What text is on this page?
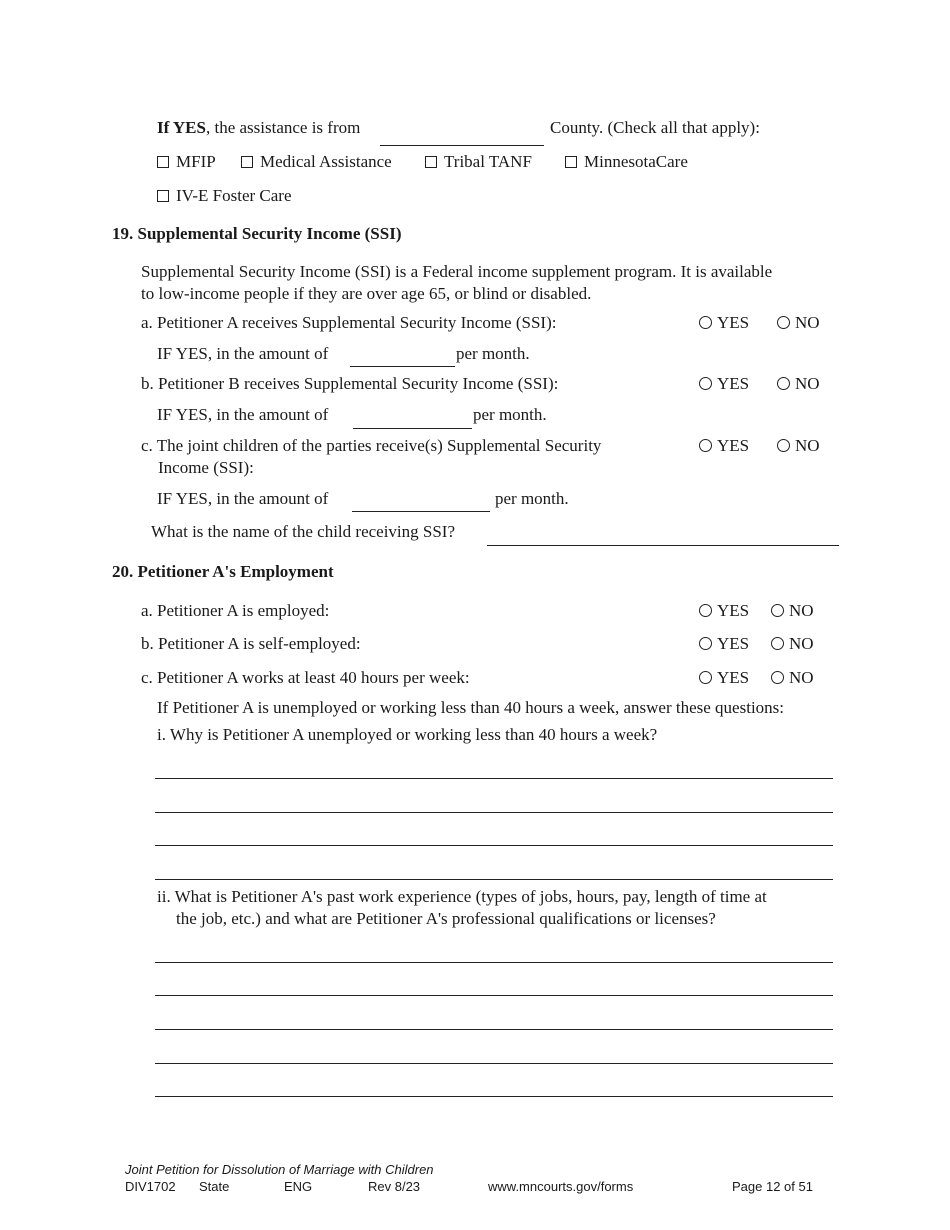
If YES, the assistance is from	County. (Check all that apply):
MFIP	Medical Assistance	Tribal TANF	MinnesotaCare
IV-E Foster Care
19. Supplemental Security Income (SSI)
Supplemental Security Income (SSI) is a Federal income supplement program. It is available
to low-income people if they are over age 65, or blind or disabled.
a. Petitioner A receives Supplemental Security Income (SSI):	YES	NO
IF YES, in the amount of	per month.
b. Petitioner B receives Supplemental Security Income (SSI):	YES	NO
IF YES, in the amount of	per month.
c. The joint children of the parties receive(s) Supplemental Security
Income (SSI):
YES	NO
IF YES, in the amount of	per month.
What is the name of the child receiving SSI?
20. Petitioner A's Employment
a. Petitioner A is employed:	YES	NO
b. Petitioner A is self-employed:	YES	NO
c. Petitioner A works at least 40 hours per week:	YES	NO
If Petitioner A is unemployed or working less than 40 hours a week, answer these questions:
i. Why is Petitioner A unemployed or working less than 40 hours a week?
ii. What is Petitioner A's past work experience (types of jobs, hours, pay, length of time at
the job, etc.) and what are Petitioner A's professional qualifications or licenses?
Joint Petition for Dissolution of Marriage with Children
DIV1702 State	ENG	Rev 8/23	www.mncourts.gov/forms	Page 12 of 51
